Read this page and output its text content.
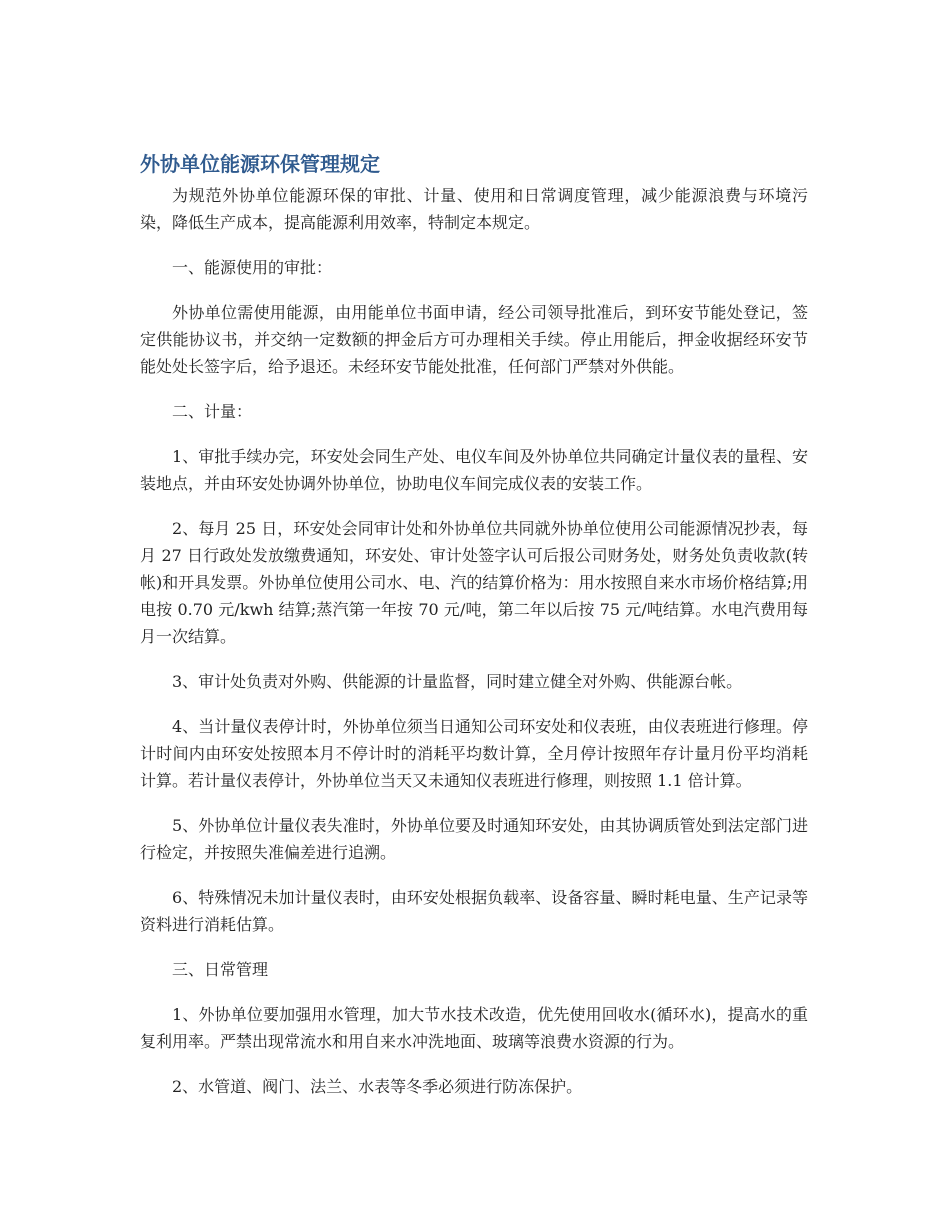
外协单位能源环保管理规定

为规范外协单位能源环保的审批、计量、使用和日常调度管理，减少能源浪费与环境污染，降低生产成本，提高能源利用效率，特制定本规定。

一、能源使用的审批：

外协单位需使用能源，由用能单位书面申请，经公司领导批准后，到环安节能处登记，签定供能协议书，并交纳一定数额的押金后方可办理相关手续。停止用能后，押金收据经环安节能处处长签字后，给予退还。未经环安节能处批准，任何部门严禁对外供能。

二、计量：

1、审批手续办完，环安处会同生产处、电仪车间及外协单位共同确定计量仪表的量程、安装地点，并由环安处协调外协单位，协助电仪车间完成仪表的安装工作。

2、每月 25 日，环安处会同审计处和外协单位共同就外协单位使用公司能源情况抄表，每月 27 日行政处发放缴费通知，环安处、审计处签字认可后报公司财务处，财务处负责收款(转帐)和开具发票。外协单位使用公司水、电、汽的结算价格为：用水按照自来水市场价格结算;用电按 0.70 元/kwh 结算;蒸汽第一年按 70 元/吨，第二年以后按 75 元/吨结算。水电汽费用每月一次结算。

3、审计处负责对外购、供能源的计量监督，同时建立健全对外购、供能源台帐。

4、当计量仪表停计时，外协单位须当日通知公司环安处和仪表班，由仪表班进行修理。停计时间内由环安处按照本月不停计时的消耗平均数计算，全月停计按照年存计量月份平均消耗计算。若计量仪表停计，外协单位当天又未通知仪表班进行修理，则按照 1.1 倍计算。

5、外协单位计量仪表失准时，外协单位要及时通知环安处，由其协调质管处到法定部门进行检定，并按照失准偏差进行追溯。

6、特殊情况未加计量仪表时，由环安处根据负载率、设备容量、瞬时耗电量、生产记录等资料进行消耗估算。

三、日常管理

1、外协单位要加强用水管理，加大节水技术改造，优先使用回收水(循环水)，提高水的重复利用率。严禁出现常流水和用自来水冲洗地面、玻璃等浪费水资源的行为。

2、水管道、阀门、法兰、水表等冬季必须进行防冻保护。
